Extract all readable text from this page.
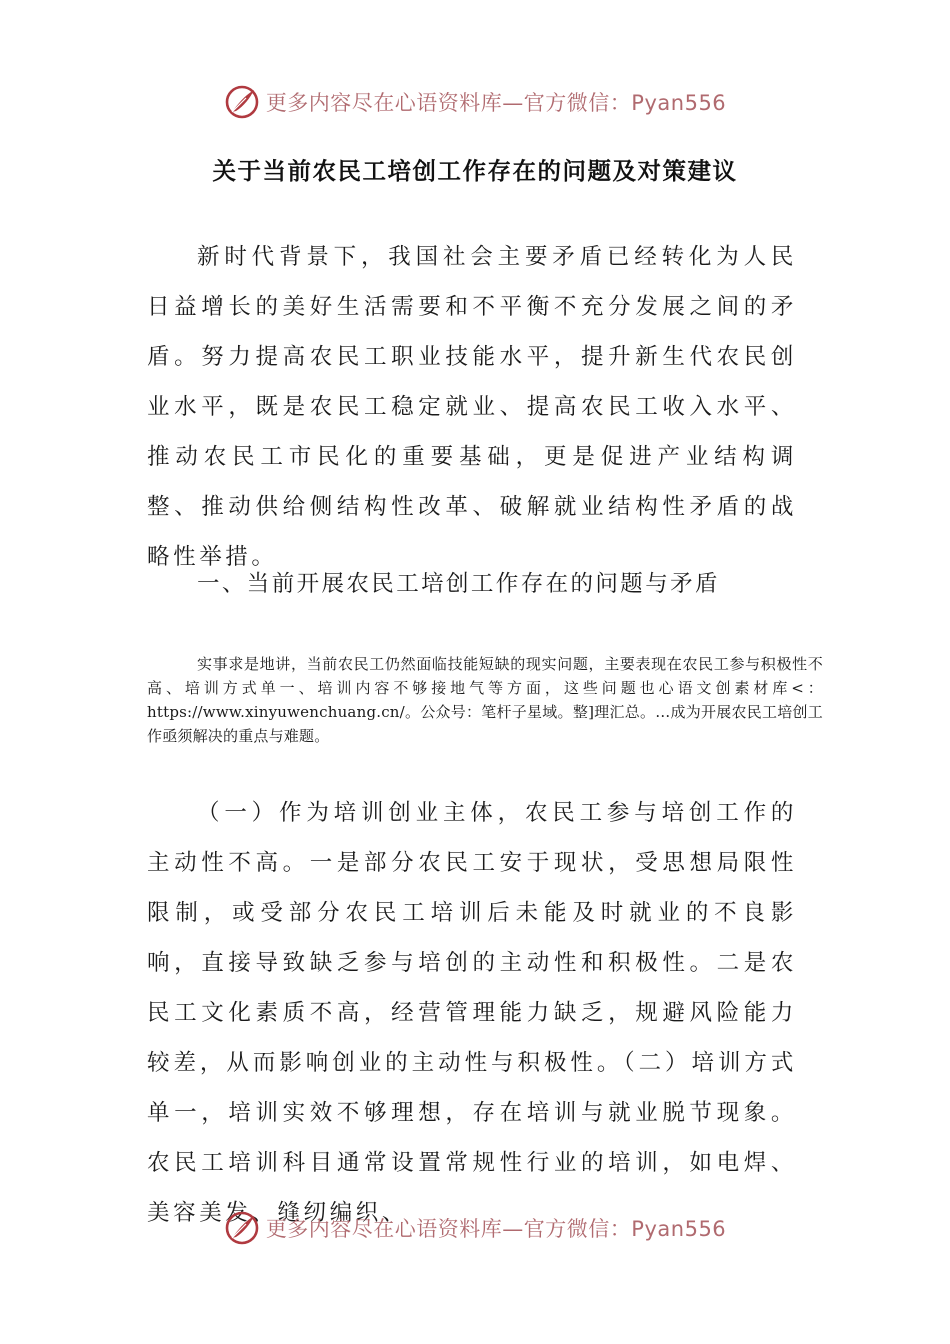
更多内容尽在心语资料库—官方微信：Pyan556
关于当前农民工培创工作存在的问题及对策建议

新时代背景下，我国社会主要矛盾已经转化为人民日益增长的美好生活需要和不平衡不充分发展之间的矛盾。努力提高农民工职业技能水平，提升新生代农民创业水平，既是农民工稳定就业、提高农民工收入水平、推动农民工市民化的重要基础，更是促进产业结构调整、推动供给侧结构性改革、破解就业结构性矛盾的战略性举措。

一、当前开展农民工培创工作存在的问题与矛盾

实事求是地讲，当前农民工仍然面临技能短缺的现实问题，主要表现在农民工参与积极性不高、培训方式单一、培训内容不够接地气等方面，这些问题也心语文创素材库<：https://www.xinyuwenchuang.cn/。公众号：笔杆子星域。整]理汇总。…成为开展农民工培创工作亟须解决的重点与难题。

（一）作为培训创业主体，农民工参与培创工作的主动性不高。一是部分农民工安于现状，受思想局限性限制，或受部分农民工培训后未能及时就业的不良影响，直接导致缺乏参与培创的主动性和积极性。二是农民工文化素质不高，经营管理能力缺乏，规避风险能力较差，从而影响创业的主动性与积极性。（二）培训方式单一，培训实效不够理想，存在培训与就业脱节现象。农民工培训科目通常设置常规性行业的培训，如电焊、美容美发、缝纫编织、

更多内容尽在心语资料库—官方微信：Pyan556
